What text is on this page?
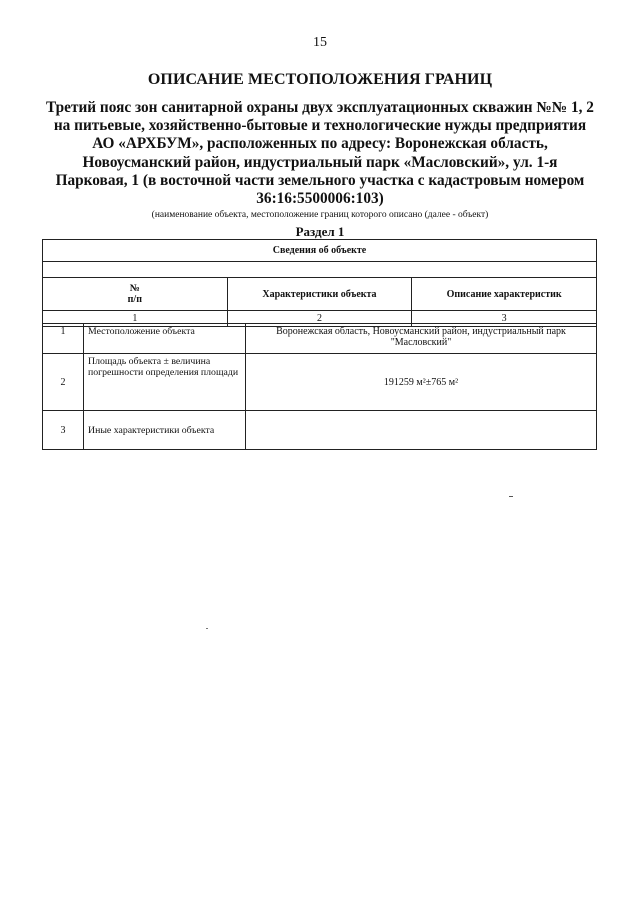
15
ОПИСАНИЕ МЕСТОПОЛОЖЕНИЯ ГРАНИЦ
Третий пояс зон санитарной охраны двух эксплуатационных скважин №№ 1, 2
на питьевые, хозяйственно-бытовые и технологические нужды предприятия
АО «АРХБУМ», расположенных по адресу: Воронежская область,
Новоусманский район, индустриальный парк «Масловский», ул. 1-я
Парковая, 1 (в восточной части земельного участка с кадастровым номером
36:16:5500006:103)
(наименование объекта, местоположение границ которого описано (далее - объект)
Раздел 1
Сведения об объекте		

№
п/п	Характеристики объекта	Описание характеристик
1	2	3
1	Местоположение объекта	Воронежская область, Новоусманский район, индустриальный парк "Масловский"
2	Площадь объекта ± величина погрешности определения площади	191259 м²±765 м²
3	Иные характеристики объекта	
